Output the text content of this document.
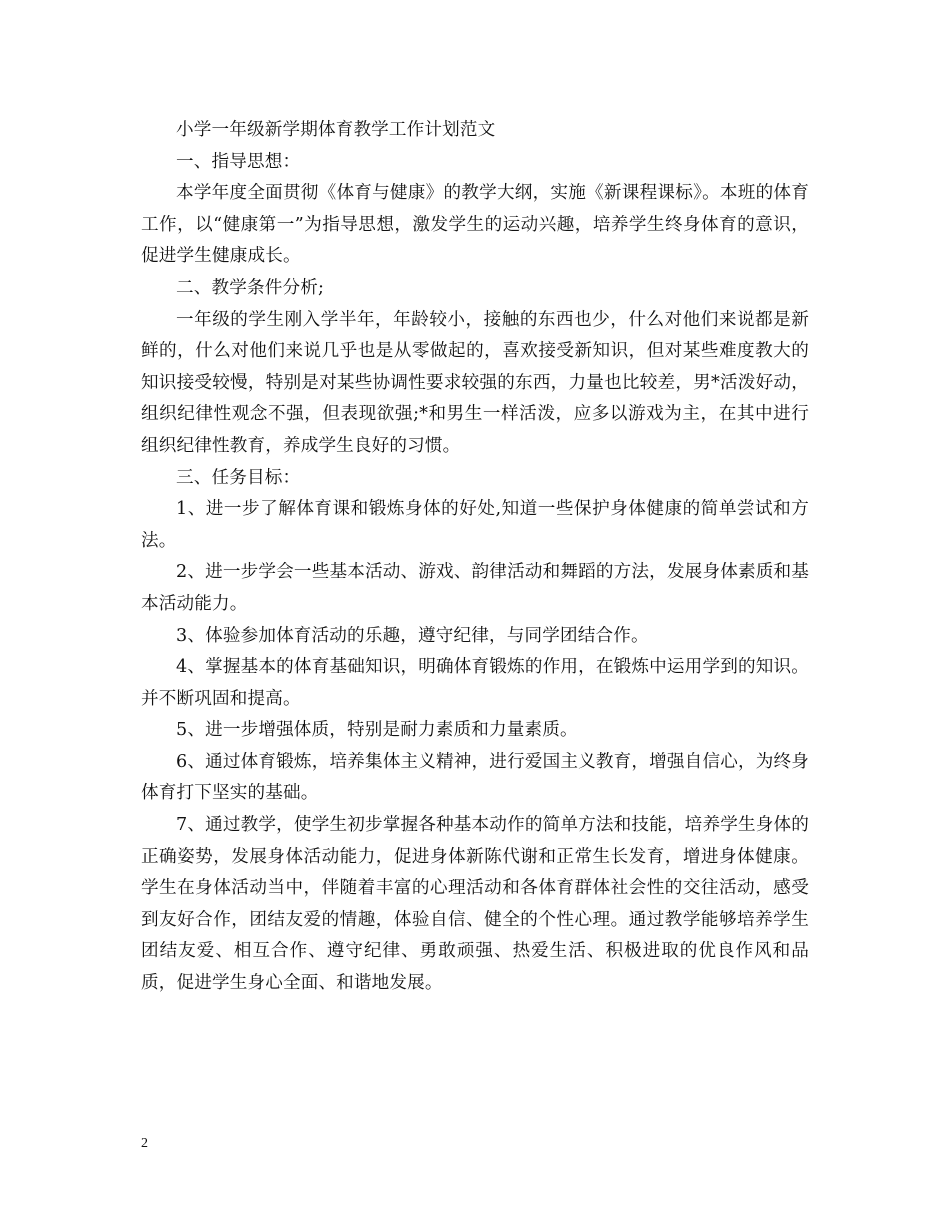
小学一年级新学期体育教学工作计划范文

一、指导思想：

本学年度全面贯彻《体育与健康》的教学大纲，实施《新课程课标》。本班的体育工作，以“健康第一”为指导思想，激发学生的运动兴趣，培养学生终身体育的意识，促进学生健康成长。

二、教学条件分析;

一年级的学生刚入学半年，年龄较小，接触的东西也少，什么对他们来说都是新鲜的，什么对他们来说几乎也是从零做起的，喜欢接受新知识，但对某些难度教大的知识接受较慢，特别是对某些协调性要求较强的东西，力量也比较差，男*活泼好动，组织纪律性观念不强，但表现欲强;*和男生一样活泼，应多以游戏为主，在其中进行组织纪律性教育，养成学生良好的习惯。

三、任务目标：

1、进一步了解体育课和锻炼身体的好处,知道一些保护身体健康的简单尝试和方法。

2、进一步学会一些基本活动、游戏、韵律活动和舞蹈的方法，发展身体素质和基本活动能力。

3、体验参加体育活动的乐趣，遵守纪律，与同学团结合作。

4、掌握基本的体育基础知识，明确体育锻炼的作用，在锻炼中运用学到的知识。并不断巩固和提高。

5、进一步增强体质，特别是耐力素质和力量素质。

6、通过体育锻炼，培养集体主义精神，进行爱国主义教育，增强自信心，为终身体育打下坚实的基础。

7、通过教学，使学生初步掌握各种基本动作的简单方法和技能，培养学生身体的正确姿势，发展身体活动能力，促进身体新陈代谢和正常生长发育，增进身体健康。学生在身体活动当中，伴随着丰富的心理活动和各体育群体社会性的交往活动，感受到友好合作，团结友爱的情趣，体验自信、健全的个性心理。通过教学能够培养学生团结友爱、相互合作、遵守纪律、勇敢顽强、热爱生活、积极进取的优良作风和品质，促进学生身心全面、和谐地发展。

2
